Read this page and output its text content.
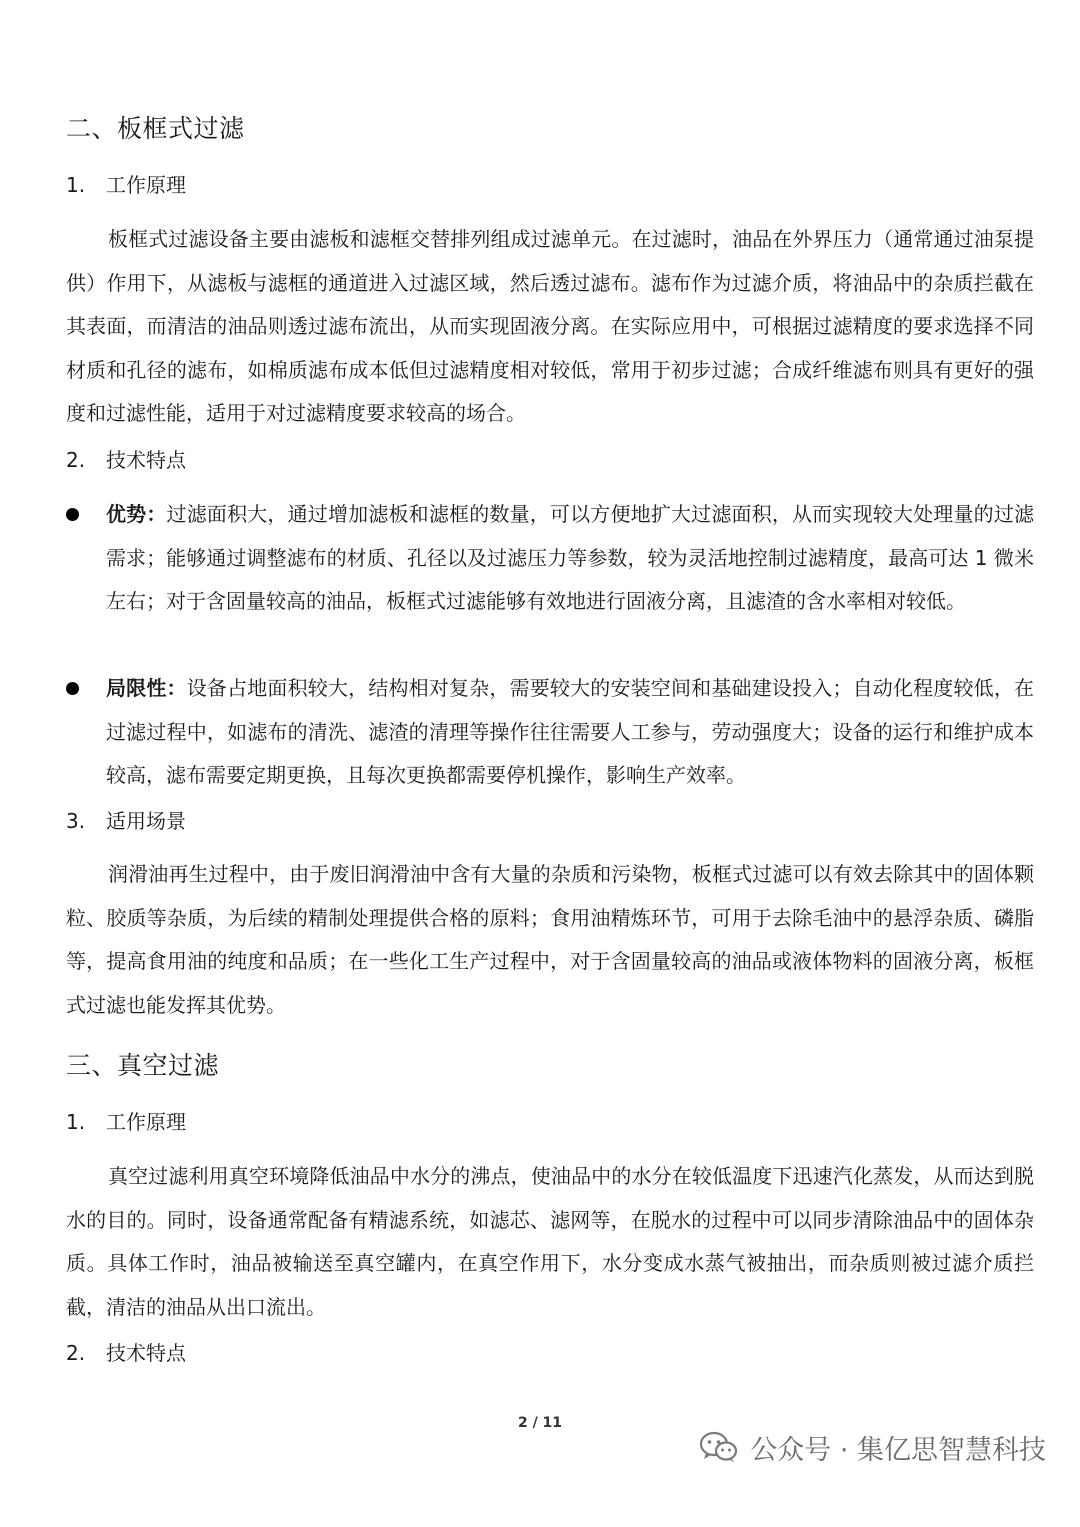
二、板框式过滤
1. 工作原理

板框式过滤设备主要由滤板和滤框交替排列组成过滤单元。在过滤时，油品在外界压力（通常通过油泵提供）作用下，从滤板与滤框的通道进入过滤区域，然后透过滤布。滤布作为过滤介质，将油品中的杂质拦截在其表面，而清洁的油品则透过滤布流出，从而实现固液分离。在实际应用中，可根据过滤精度的要求选择不同材质和孔径的滤布，如棉质滤布成本低但过滤精度相对较低，常用于初步过滤；合成纤维滤布则具有更好的强度和过滤性能，适用于对过滤精度要求较高的场合。

2. 技术特点
优势：过滤面积大，通过增加滤板和滤框的数量，可以方便地扩大过滤面积，从而实现较大处理量的过滤需求；能够通过调整滤布的材质、孔径以及过滤压力等参数，较为灵活地控制过滤精度，最高可达 1 微米左右；对于含固量较高的油品，板框式过滤能够有效地进行固液分离，且滤渣的含水率相对较低。
局限性：设备占地面积较大，结构相对复杂，需要较大的安装空间和基础建设投入；自动化程度较低，在过滤过程中，如滤布的清洗、滤渣的清理等操作往往需要人工参与，劳动强度大；设备的运行和维护成本较高，滤布需要定期更换，且每次更换都需要停机操作，影响生产效率。
3. 适用场景

润滑油再生过程中，由于废旧润滑油中含有大量的杂质和污染物，板框式过滤可以有效去除其中的固体颗粒、胶质等杂质，为后续的精制处理提供合格的原料；食用油精炼环节，可用于去除毛油中的悬浮杂质、磷脂等，提高食用油的纯度和品质；在一些化工生产过程中，对于含固量较高的油品或液体物料的固液分离，板框式过滤也能发挥其优势。

三、真空过滤
1. 工作原理

真空过滤利用真空环境降低油品中水分的沸点，使油品中的水分在较低温度下迅速汽化蒸发，从而达到脱水的目的。同时，设备通常配备有精滤系统，如滤芯、滤网等，在脱水的过程中可以同步清除油品中的固体杂质。具体工作时，油品被输送至真空罐内，在真空作用下，水分变成水蒸气被抽出，而杂质则被过滤介质拦截，清洁的油品从出口流出。

2. 技术特点
2 / 11
公众号 · 集亿思智慧科技
